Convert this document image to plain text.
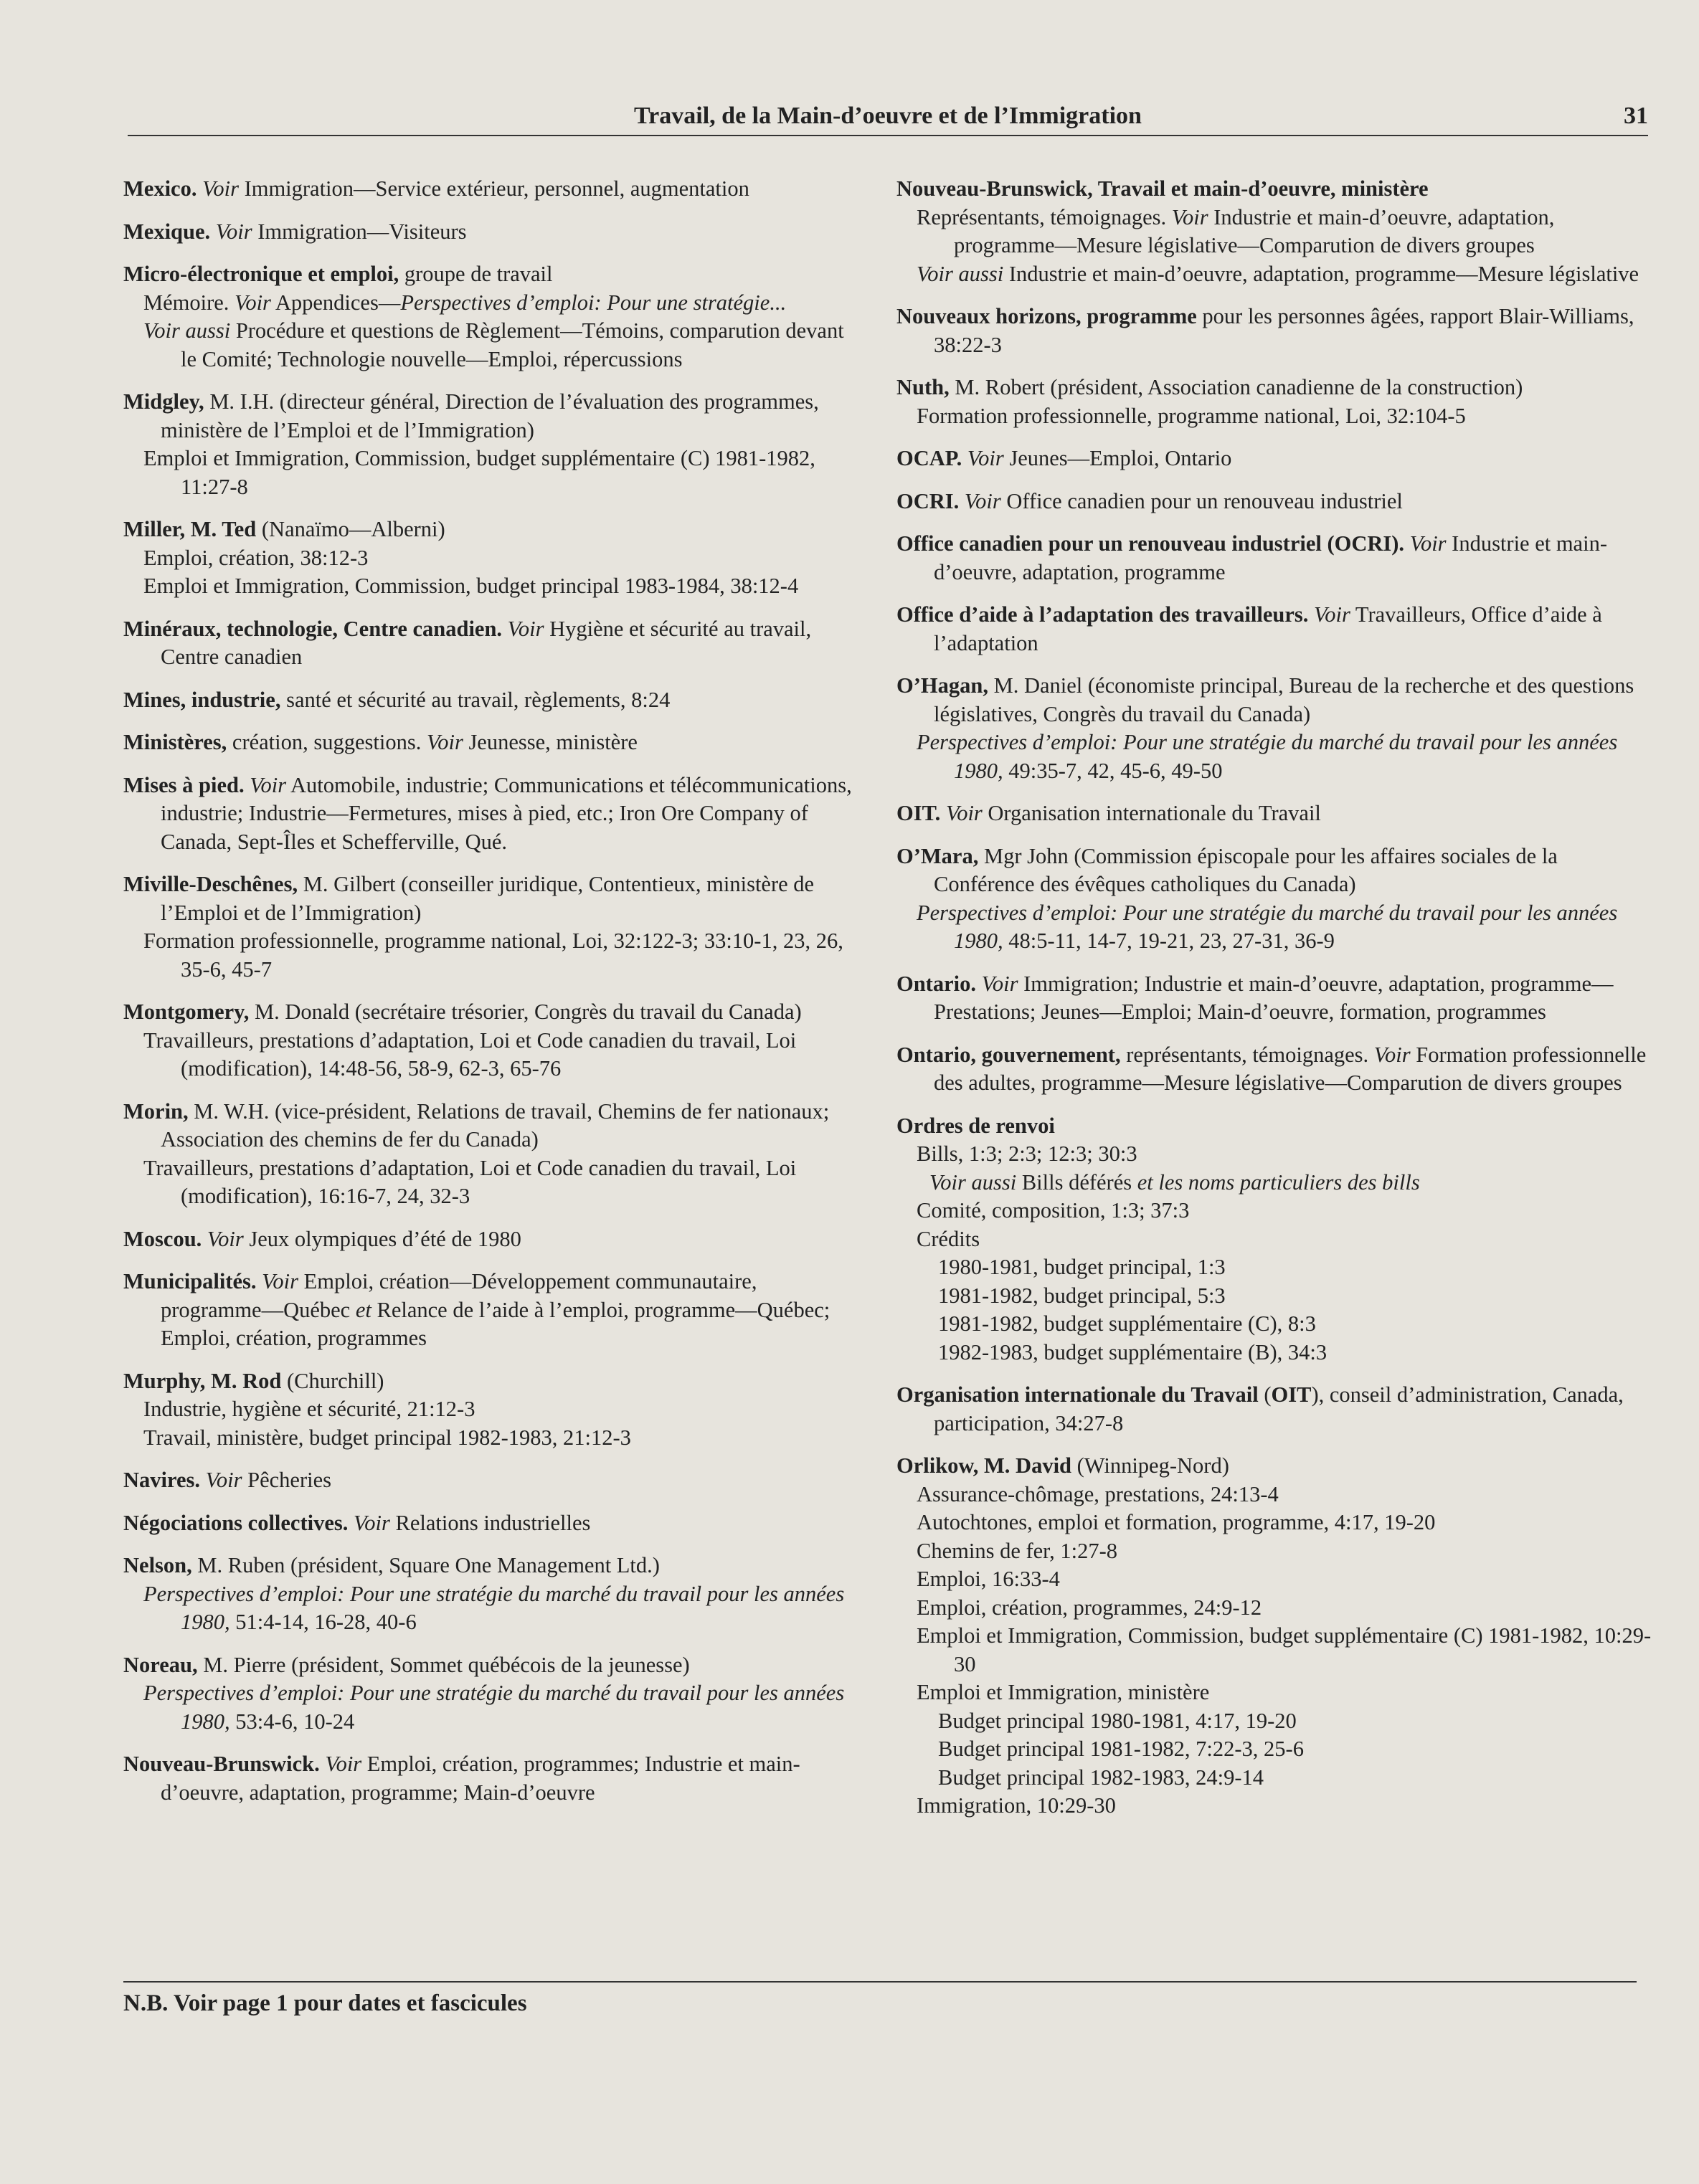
Travail, de la Main-d’oeuvre et de l’Immigration	31
Mexico. Voir Immigration—Service extérieur, personnel, augmentation
Mexique. Voir Immigration—Visiteurs
Micro-électronique et emploi, groupe de travail
Mémoire. Voir Appendices—Perspectives d’emploi: Pour une stratégie...
Voir aussi Procédure et questions de Règlement—Témoins, comparution devant le Comité; Technologie nouvelle—Emploi, répercussions
Midgley, M. I.H. (directeur général, Direction de l’évaluation des programmes, ministère de l’Emploi et de l’Immigration)
Emploi et Immigration, Commission, budget supplémentaire (C) 1981-1982, 11:27-8
Miller, M. Ted (Nanaïmo—Alberni)
Emploi, création, 38:12-3
Emploi et Immigration, Commission, budget principal 1983-1984, 38:12-4
Minéraux, technologie, Centre canadien. Voir Hygiène et sécurité au travail, Centre canadien
Mines, industrie, santé et sécurité au travail, règlements, 8:24
Ministères, création, suggestions. Voir Jeunesse, ministère
Mises à pied. Voir Automobile, industrie; Communications et télécommunications, industrie; Industrie—Fermetures, mises à pied, etc.; Iron Ore Company of Canada, Sept-Îles et Schefferville, Qué.
Miville-Deschênes, M. Gilbert (conseiller juridique, Contentieux, ministère de l’Emploi et de l’Immigration)
Formation professionnelle, programme national, Loi, 32:122-3; 33:10-1, 23, 26, 35-6, 45-7
Montgomery, M. Donald (secrétaire trésorier, Congrès du travail du Canada)
Travailleurs, prestations d’adaptation, Loi et Code canadien du travail, Loi (modification), 14:48-56, 58-9, 62-3, 65-76
Morin, M. W.H. (vice-président, Relations de travail, Chemins de fer nationaux; Association des chemins de fer du Canada)
Travailleurs, prestations d’adaptation, Loi et Code canadien du travail, Loi (modification), 16:16-7, 24, 32-3
Moscou. Voir Jeux olympiques d’été de 1980
Municipalités. Voir Emploi, création—Développement communautaire, programme—Québec et Relance de l’aide à l’emploi, programme—Québec; Emploi, création, programmes
Murphy, M. Rod (Churchill)
Industrie, hygiène et sécurité, 21:12-3
Travail, ministère, budget principal 1982-1983, 21:12-3
Navires. Voir Pêcheries
Négociations collectives. Voir Relations industrielles
Nelson, M. Ruben (président, Square One Management Ltd.)
Perspectives d’emploi: Pour une stratégie du marché du travail pour les années 1980, 51:4-14, 16-28, 40-6
Noreau, M. Pierre (président, Sommet québécois de la jeunesse)
Perspectives d’emploi: Pour une stratégie du marché du travail pour les années 1980, 53:4-6, 10-24
Nouveau-Brunswick. Voir Emploi, création, programmes; Industrie et main-d’oeuvre, adaptation, programme; Main-d’oeuvre
Nouveau-Brunswick, Travail et main-d’oeuvre, ministère
Représentants, témoignages. Voir Industrie et main-d’oeuvre, adaptation, programme—Mesure législative—Comparution de divers groupes
Voir aussi Industrie et main-d’oeuvre, adaptation, programme—Mesure législative
Nouveaux horizons, programme pour les personnes âgées, rapport Blair-Williams, 38:22-3
Nuth, M. Robert (président, Association canadienne de la construction)
Formation professionnelle, programme national, Loi, 32:104-5
OCAP. Voir Jeunes—Emploi, Ontario
OCRI. Voir Office canadien pour un renouveau industriel
Office canadien pour un renouveau industriel (OCRI). Voir Industrie et main-d’oeuvre, adaptation, programme
Office d’aide à l’adaptation des travailleurs. Voir Travailleurs, Office d’aide à l’adaptation
O’Hagan, M. Daniel (économiste principal, Bureau de la recherche et des questions législatives, Congrès du travail du Canada)
Perspectives d’emploi: Pour une stratégie du marché du travail pour les années 1980, 49:35-7, 42, 45-6, 49-50
OIT. Voir Organisation internationale du Travail
O’Mara, Mgr John (Commission épiscopale pour les affaires sociales de la Conférence des évêques catholiques du Canada)
Perspectives d’emploi: Pour une stratégie du marché du travail pour les années 1980, 48:5-11, 14-7, 19-21, 23, 27-31, 36-9
Ontario. Voir Immigration; Industrie et main-d’oeuvre, adaptation, programme—Prestations; Jeunes—Emploi; Main-d’oeuvre, formation, programmes
Ontario, gouvernement, représentants, témoignages. Voir Formation professionnelle des adultes, programme—Mesure législative—Comparution de divers groupes
Ordres de renvoi
Bills, 1:3; 2:3; 12:3; 30:3
Voir aussi Bills déférés et les noms particuliers des bills
Comité, composition, 1:3; 37:3
Crédits
1980-1981, budget principal, 1:3
1981-1982, budget principal, 5:3
1981-1982, budget supplémentaire (C), 8:3
1982-1983, budget supplémentaire (B), 34:3
Organisation internationale du Travail (OIT), conseil d’administration, Canada, participation, 34:27-8
Orlikow, M. David (Winnipeg-Nord)
Assurance-chômage, prestations, 24:13-4
Autochtones, emploi et formation, programme, 4:17, 19-20
Chemins de fer, 1:27-8
Emploi, 16:33-4
Emploi, création, programmes, 24:9-12
Emploi et Immigration, Commission, budget supplémentaire (C) 1981-1982, 10:29-30
Emploi et Immigration, ministère
Budget principal 1980-1981, 4:17, 19-20
Budget principal 1981-1982, 7:22-3, 25-6
Budget principal 1982-1983, 24:9-14
Immigration, 10:29-30
N.B. Voir page 1 pour dates et fascicules
